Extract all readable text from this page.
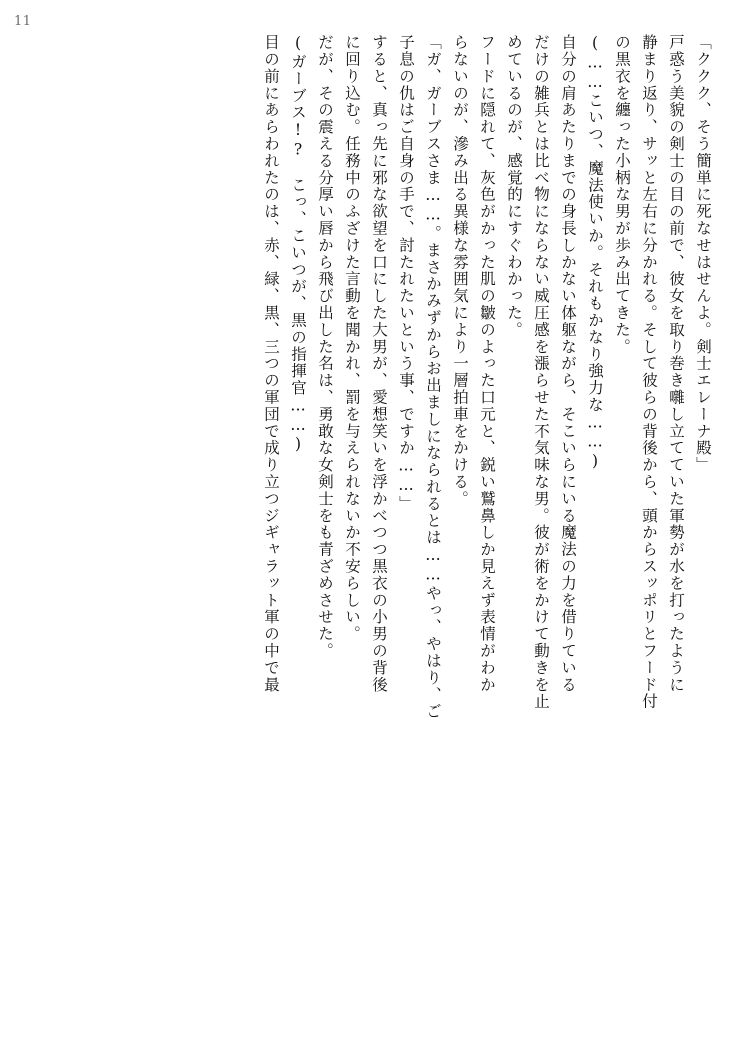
11
「ククク、そう簡単に死なせはせんよ。剣士エレーナ殿」
戸惑う美貌の剣士の目の前で、彼女を取り巻き囃し立てていた軍勢が水を打ったように
静まり返り、サッと左右に分かれる。そして彼らの背後から、頭からスッポリとフード付
の黒衣を纏った小柄な男が歩み出てきた。
(……こいつ、魔法使いか。それもかなり強力な……)
自分の肩あたりまでの身長しかない体躯ながら、そこいらにいる魔法の力を借りている
だけの雑兵とは比べ物にならない威圧感を漲らせた不気味な男。彼が術をかけて動きを止
めているのが、感覚的にすぐわかった。
フードに隠れて、灰色がかった肌の皺のよった口元と、鋭い鷲鼻しか見えず表情がわか
らないのが、滲み出る異様な雰囲気により一層拍車をかける。
「ガ、ガーブスさま……。まさかみずからお出ましになられるとは……やっ、やはり、ご
子息の仇はご自身の手で、討たれたいという事、ですか……」
すると、真っ先に邪な欲望を口にした大男が、愛想笑いを浮かべつつ黒衣の小男の背後
に回り込む。任務中のふざけた言動を聞かれ、罰を与えられないか不安らしい。
だが、その震える分厚い唇から飛び出した名は、勇敢な女剣士をも青ざめさせた。
(ガーブス!?　こっ、こいつが、黒の指揮官……)
目の前にあらわれたのは、赤、緑、黒、三つの軍団で成り立つジギャラット軍の中で最
